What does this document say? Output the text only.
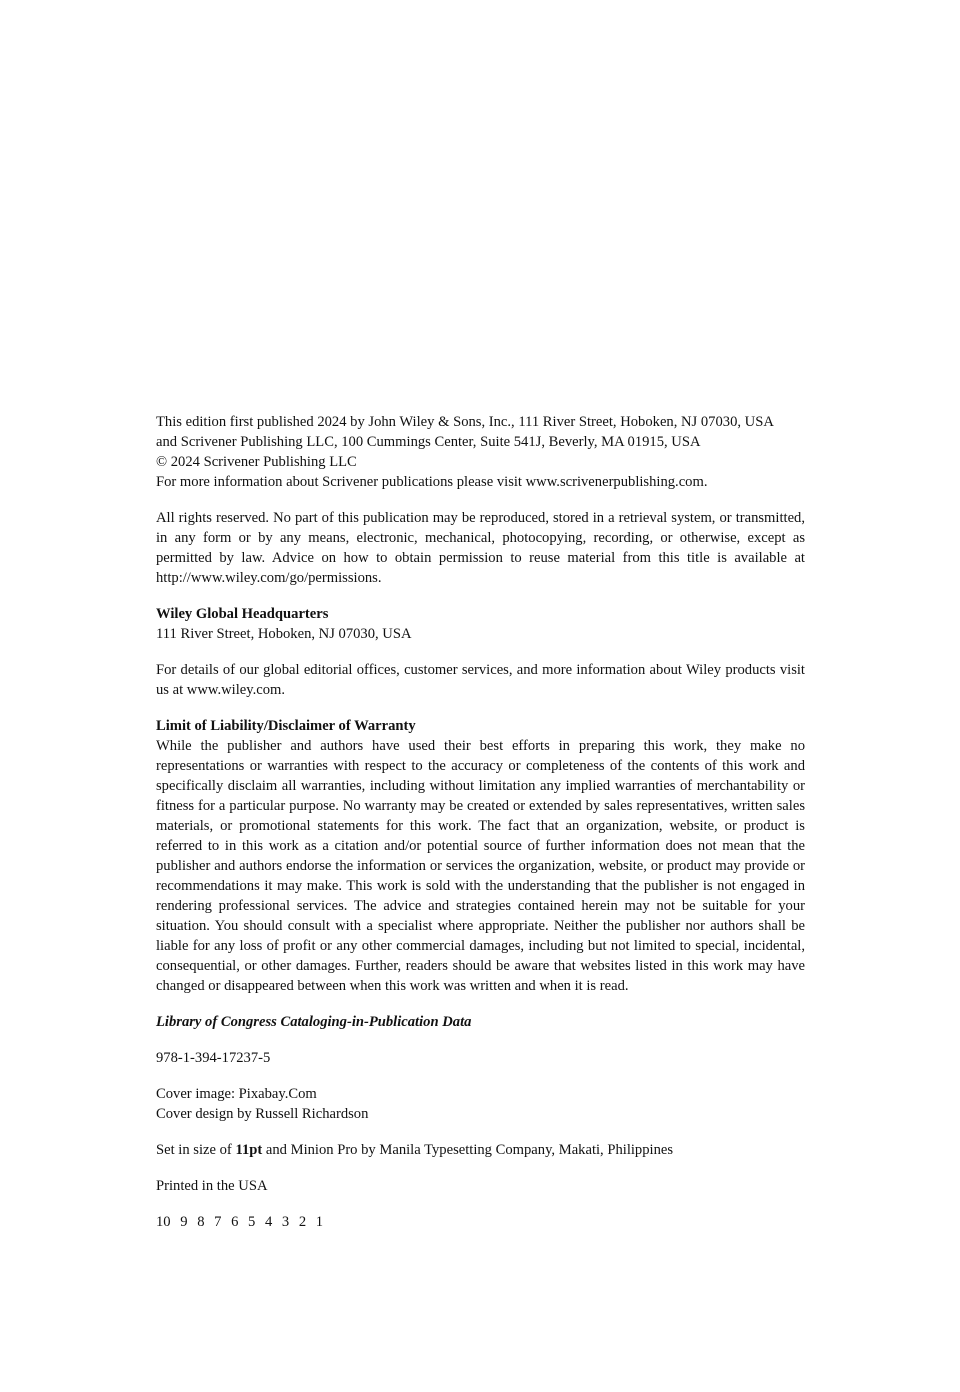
This edition first published 2024 by John Wiley & Sons, Inc., 111 River Street, Hoboken, NJ 07030, USA
and Scrivener Publishing LLC, 100 Cummings Center, Suite 541J, Beverly, MA 01915, USA
© 2024 Scrivener Publishing LLC
For more information about Scrivener publications please visit www.scrivenerpublishing.com.

All rights reserved. No part of this publication may be reproduced, stored in a retrieval system, or transmitted, in any form or by any means, electronic, mechanical, photocopying, recording, or otherwise, except as permitted by law. Advice on how to obtain permission to reuse material from this title is available at http://www.wiley.com/go/permissions.

Wiley Global Headquarters
111 River Street, Hoboken, NJ 07030, USA

For details of our global editorial offices, customer services, and more information about Wiley products visit us at www.wiley.com.

Limit of Liability/Disclaimer of Warranty
While the publisher and authors have used their best efforts in preparing this work, they make no representations or warranties with respect to the accuracy or completeness of the contents of this work and specifically disclaim all warranties, including without limitation any implied warranties of merchantability or fitness for a particular purpose. No warranty may be created or extended by sales representatives, written sales materials, or promotional statements for this work. The fact that an organization, website, or product is referred to in this work as a citation and/or potential source of further information does not mean that the publisher and authors endorse the information or services the organization, website, or product may provide or recommendations it may make. This work is sold with the understanding that the publisher is not engaged in rendering professional services. The advice and strategies contained herein may not be suitable for your situation. You should consult with a specialist where appropriate. Neither the publisher nor authors shall be liable for any loss of profit or any other commercial damages, including but not limited to special, incidental, consequential, or other damages. Further, readers should be aware that websites listed in this work may have changed or disappeared between when this work was written and when it is read.
Library of Congress Cataloging-in-Publication Data
978-1-394-17237-5
Cover image: Pixabay.Com
Cover design by Russell Richardson
Set in size of 11pt and Minion Pro by Manila Typesetting Company, Makati, Philippines
Printed in the USA
10 9 8 7 6 5 4 3 2 1
